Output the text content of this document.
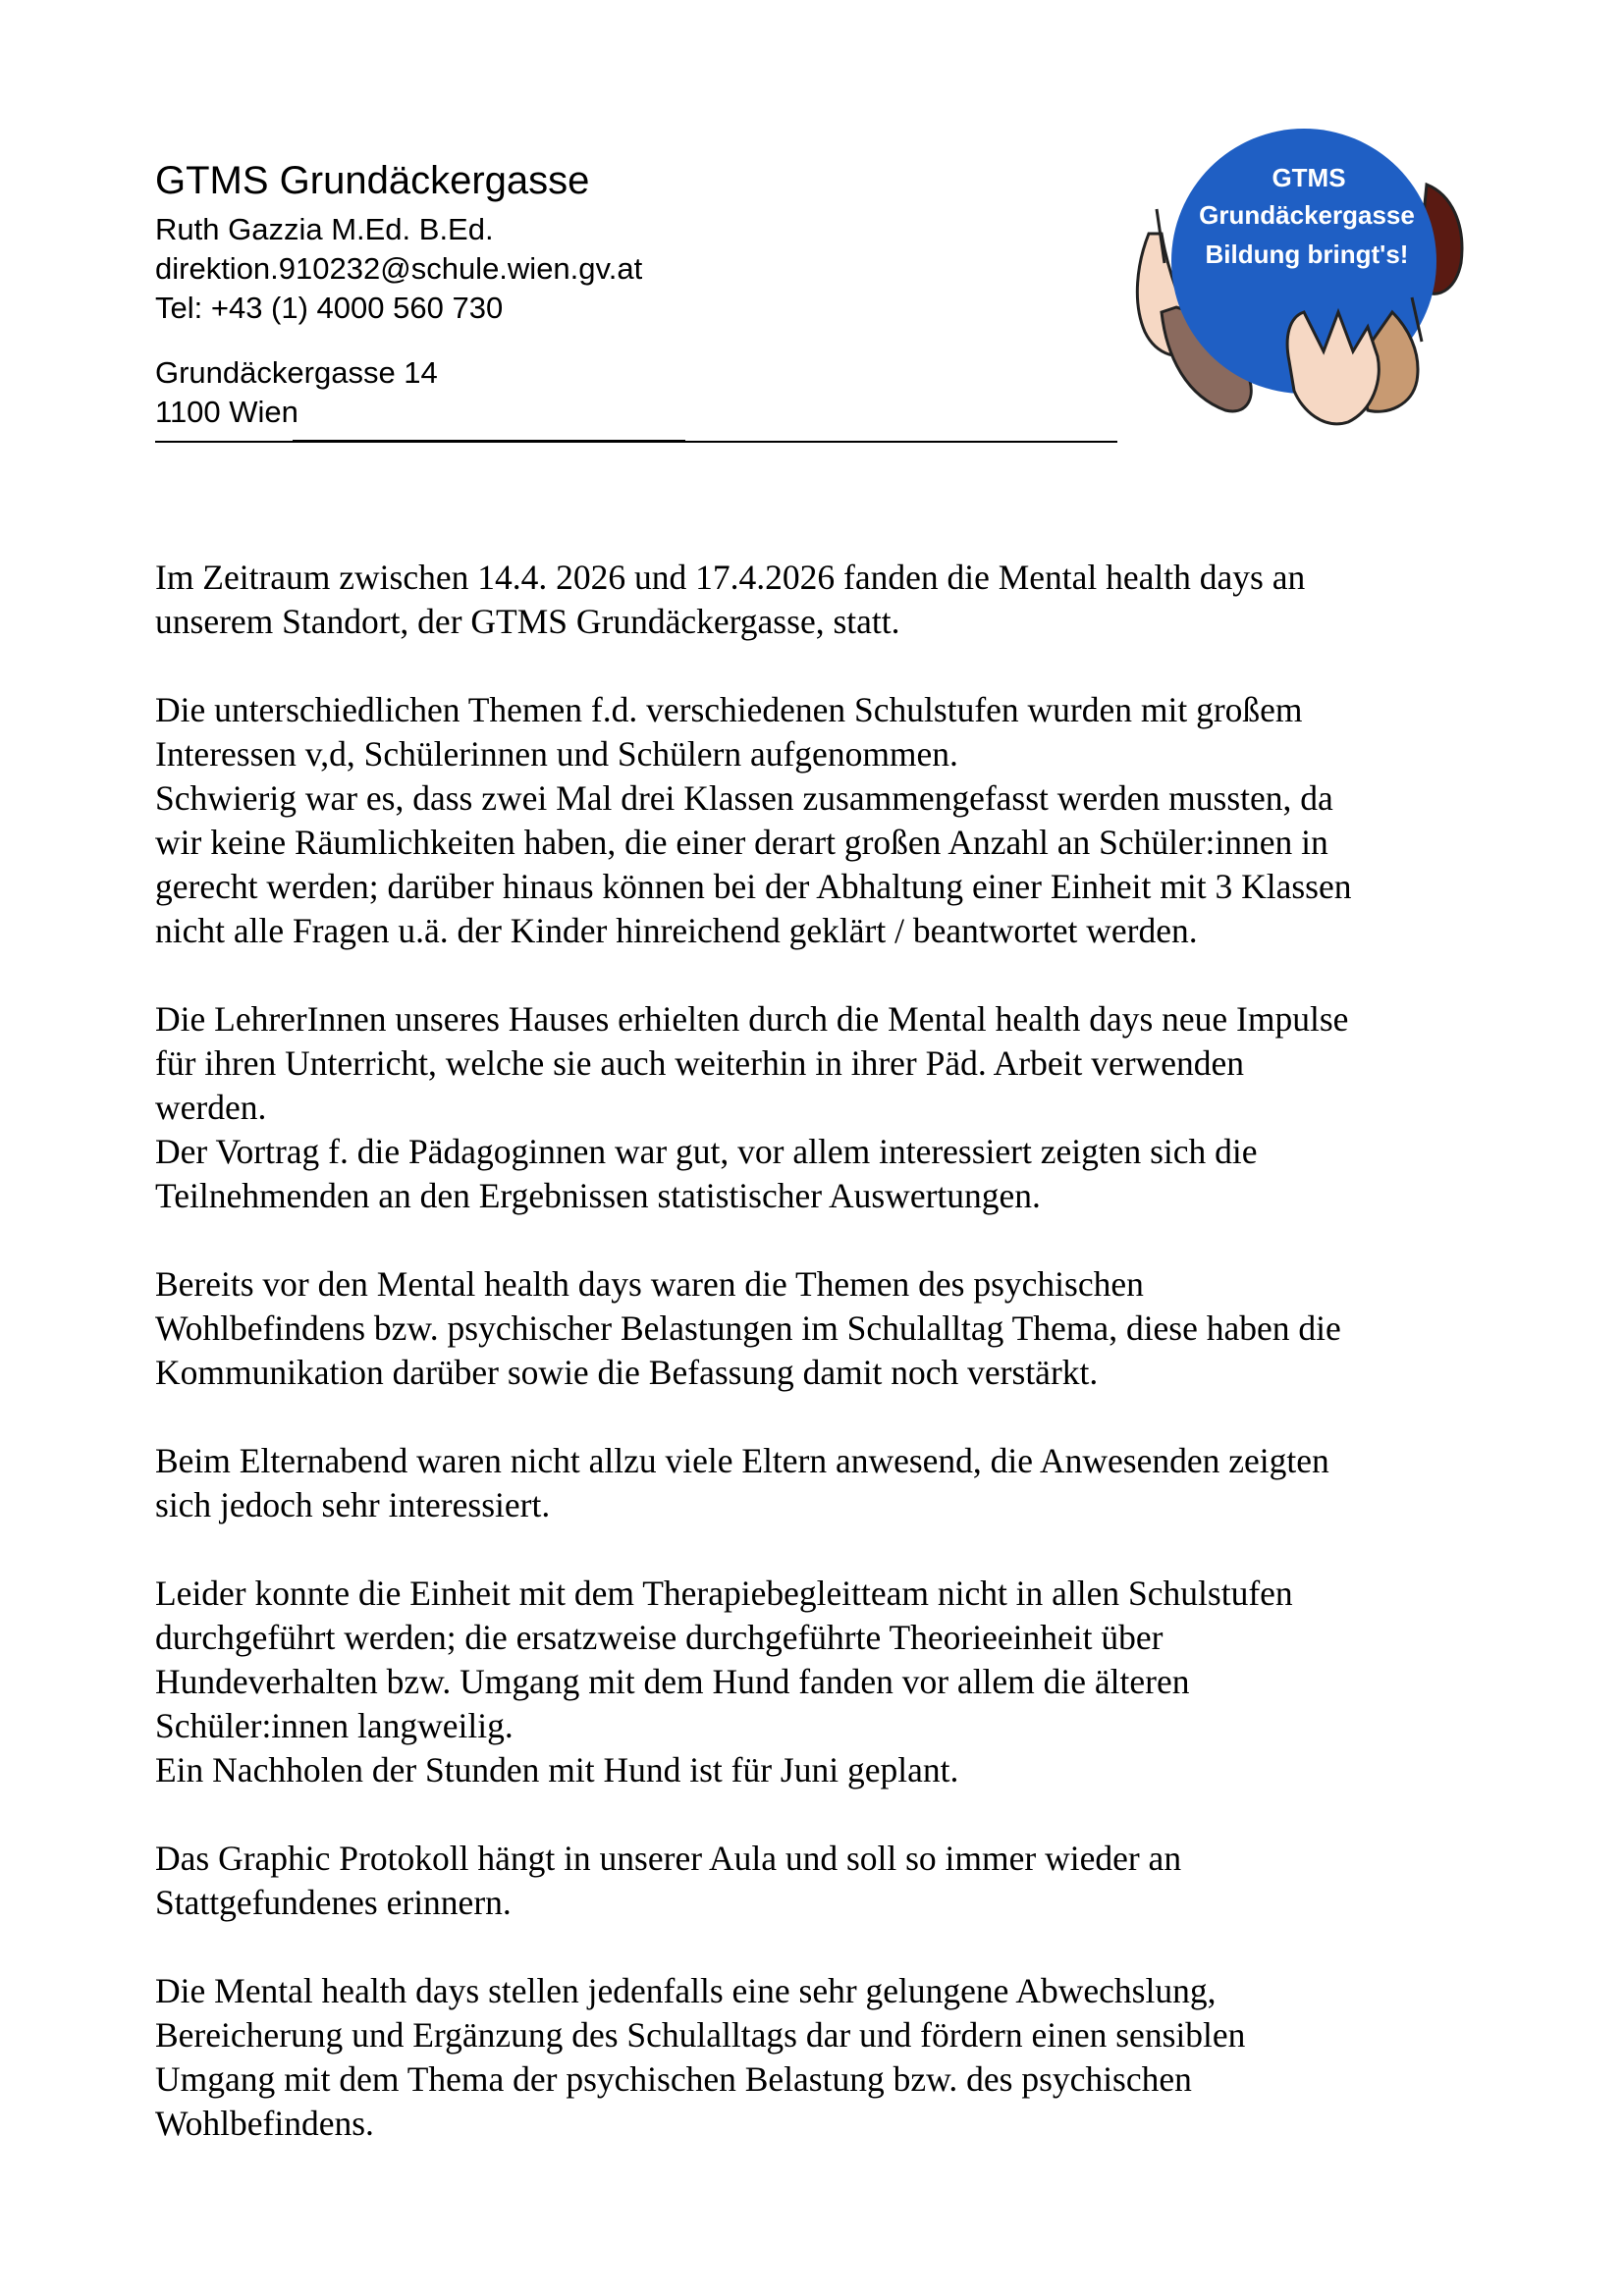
GTMS Grundäckergasse
Ruth Gazzia M.Ed. B.Ed.
direktion.910232@schule.wien.gv.at
Tel: +43 (1) 4000 560 730
Grundäckergasse 14
1100 Wien
GTMS
Grundäckergasse
Bildung bringt's!

Im Zeitraum zwischen 14.4. 2026 und 17.4.2026 fanden die Mental health days an
unserem Standort, der GTMS Grundäckergasse, statt.

Die unterschiedlichen Themen f.d. verschiedenen Schulstufen wurden mit großem
Interessen v,d, Schülerinnen und Schülern aufgenommen.
Schwierig war es, dass zwei Mal drei Klassen zusammengefasst werden mussten, da
wir keine Räumlichkeiten haben, die einer derart großen Anzahl an Schüler:innen in
gerecht werden; darüber hinaus können bei der Abhaltung einer Einheit mit 3 Klassen
nicht alle Fragen u.ä. der Kinder hinreichend geklärt / beantwortet werden.

Die LehrerInnen unseres Hauses erhielten durch die Mental health days neue Impulse
für ihren Unterricht, welche sie auch weiterhin in ihrer Päd. Arbeit verwenden
werden.
Der Vortrag f. die Pädagoginnen war gut, vor allem interessiert zeigten sich die
Teilnehmenden an den Ergebnissen statistischer Auswertungen.

Bereits vor den Mental health days waren die Themen des psychischen
Wohlbefindens bzw. psychischer Belastungen im Schulalltag Thema, diese haben die
Kommunikation darüber sowie die Befassung damit noch verstärkt.

Beim Elternabend waren nicht allzu viele Eltern anwesend, die Anwesenden zeigten
sich jedoch sehr interessiert.

Leider konnte die Einheit mit dem Therapiebegleitteam nicht in allen Schulstufen
durchgeführt werden; die ersatzweise durchgeführte Theorieeinheit über
Hundeverhalten bzw. Umgang mit dem Hund fanden vor allem die älteren
Schüler:innen langweilig.
Ein Nachholen der Stunden mit Hund ist für Juni geplant.

Das Graphic Protokoll hängt in unserer Aula und soll so immer wieder an
Stattgefundenes erinnern.

Die Mental health days stellen jedenfalls eine sehr gelungene Abwechslung,
Bereicherung und Ergänzung des Schulalltags dar und fördern einen sensiblen
Umgang mit dem Thema der psychischen Belastung bzw. des psychischen
Wohlbefindens.
